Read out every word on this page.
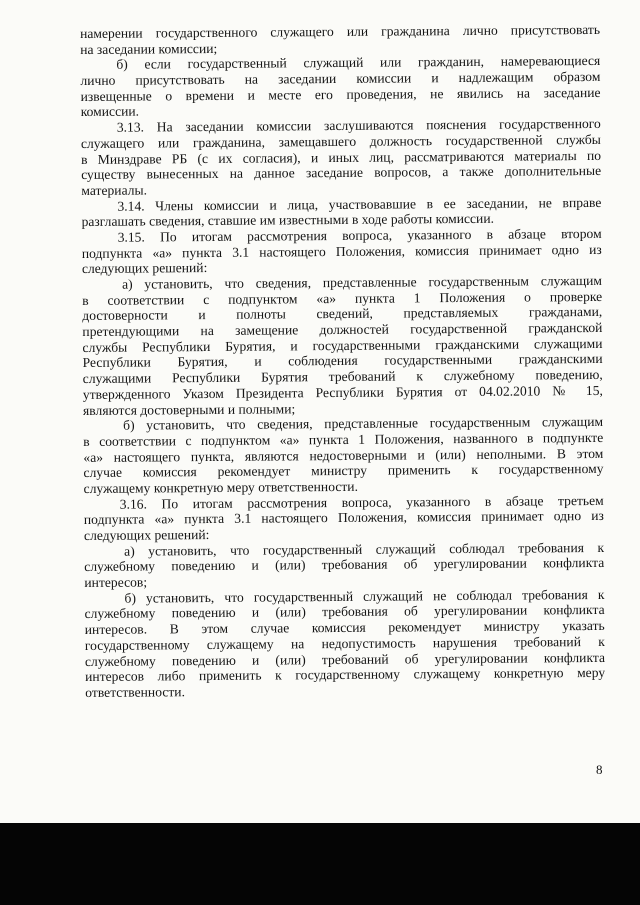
намерении государственного служащего или гражданина лично присутствовать
на заседании комиссии;
б) если государственный служащий или гражданин, намеревающиеся
лично присутствовать на заседании комиссии и надлежащим образом
извещенные о времени и месте его проведения, не явились на заседание
комиссии.
3.13. На заседании комиссии заслушиваются пояснения государственного
служащего или гражданина, замещавшего должность государственной службы
в Минздраве РБ (с их согласия), и иных лиц, рассматриваются материалы по
существу вынесенных на данное заседание вопросов, а также дополнительные
материалы.
3.14. Члены комиссии и лица, участвовавшие в ее заседании, не вправе
разглашать сведения, ставшие им известными в ходе работы комиссии.
3.15. По итогам рассмотрения вопроса, указанного в абзаце втором
подпункта «а» пункта 3.1 настоящего Положения, комиссия принимает одно из
следующих решений:
а) установить, что сведения, представленные государственным служащим
в соответствии с подпунктом «а» пункта 1 Положения о проверке
достоверности и полноты сведений, представляемых гражданами,
претендующими на замещение должностей государственной гражданской
службы Республики Бурятия, и государственными гражданскими служащими
Республики Бурятия, и соблюдения государственными гражданскими
служащими Республики Бурятия требований к служебному поведению,
утвержденного Указом Президента Республики Бурятия от 04.02.2010 № 15,
являются достоверными и полными;
б) установить, что сведения, представленные государственным служащим
в соответствии с подпунктом «а» пункта 1 Положения, названного в подпункте
«а» настоящего пункта, являются недостоверными и (или) неполными. В этом
случае комиссия рекомендует министру применить к государственному
служащему конкретную меру ответственности.
3.16. По итогам рассмотрения вопроса, указанного в абзаце третьем
подпункта «а» пункта 3.1 настоящего Положения, комиссия принимает одно из
следующих решений:
а) установить, что государственный служащий соблюдал требования к
служебному поведению и (или) требования об урегулировании конфликта
интересов;
б) установить, что государственный служащий не соблюдал требования к
служебному поведению и (или) требования об урегулировании конфликта
интересов. В этом случае комиссия рекомендует министру указать
государственному служащему на недопустимость нарушения требований к
служебному поведению и (или) требований об урегулировании конфликта
интересов либо применить к государственному служащему конкретную меру
ответственности.
8
